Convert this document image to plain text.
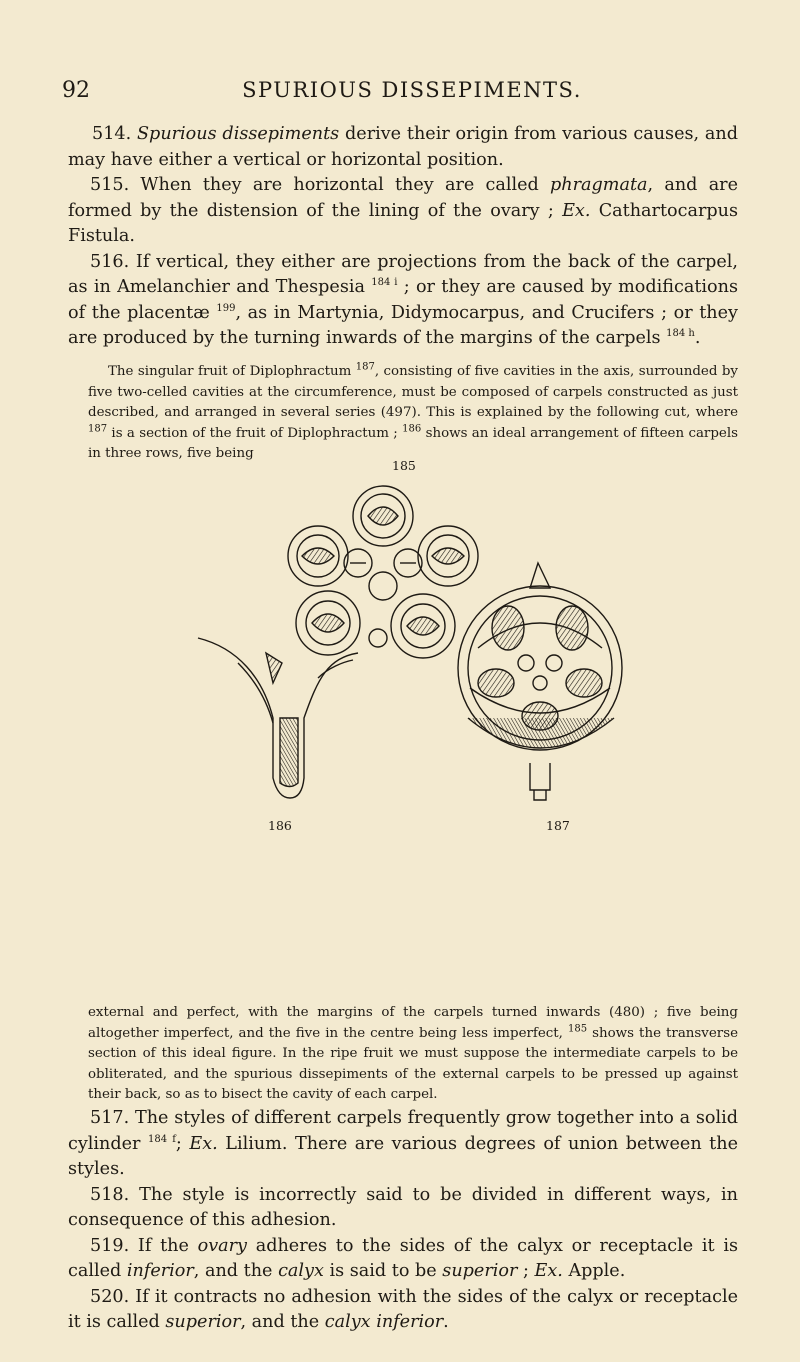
92	SPURIOUS DISSEPIMENTS.

514. Spurious dissepiments derive their origin from various causes, and may have either a vertical or horizontal position.

515. When they are horizontal they are called phragmata, and are formed by the distension of the lining of the ovary ; Ex. Cathartocarpus Fistula.

516. If vertical, they either are projections from the back of the carpel, as in Amelanchier and Thespesia $^{184 i}$ ; or they are caused by modifications of the placentæ $^{199}$, as in Martynia, Didymocarpus, and Crucifers ; or they are produced by the turning inwards of the margins of the carpels $^{184 h}$.

The singular fruit of Diplophractum $^{187}$, consisting of five cavities in the axis, surrounded by five two-celled cavities at the circumference, must be composed of carpels constructed as just described, and arranged in several series (497). This is explained by the following cut, where $^{187}$ is a section of the fruit of Diplophractum ; $^{186}$ shows an ideal arrangement of fifteen carpels in three rows, five being

185
186	187

external and perfect, with the margins of the carpels turned inwards (480) ; five being altogether imperfect, and the five in the centre being less imperfect, $^{185}$ shows the transverse section of this ideal figure. In the ripe fruit we must suppose the intermediate carpels to be obliterated, and the spurious dissepiments of the external carpels to be pressed up against their back, so as to bisect the cavity of each carpel.

517. The styles of different carpels frequently grow together into a solid cylinder $^{184 f}$; Ex. Lilium. There are various degrees of union between the styles.

518. The style is incorrectly said to be divided in different ways, in consequence of this adhesion.

519. If the ovary adheres to the sides of the calyx or receptacle it is called inferior, and the calyx is said to be superior ; Ex. Apple.

520. If it contracts no adhesion with the sides of the calyx or receptacle it is called superior, and the calyx inferior.
